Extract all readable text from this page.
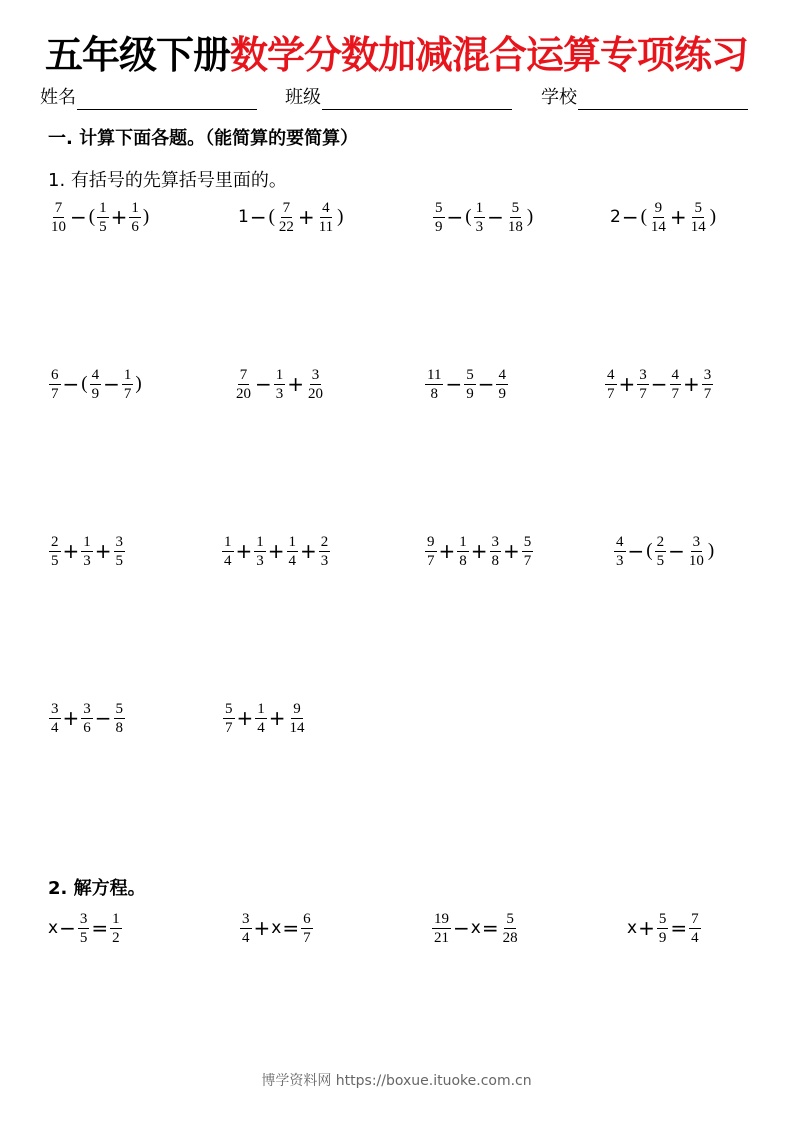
五年级下册数学分数加减混合运算专项练习
姓名	班级	学校
一. 计算下面各题。（能简算的要简算）
1. 有括号的先算括号里面的。
$\frac{7}{10}$ − ( $\frac{1}{5} + \frac{1}{6}$ )	1 − ( $\frac{7}{22} + \frac{4}{11}$ )	$\frac{5}{9}$ − ( $\frac{1}{3} - \frac{5}{18}$ )	2 − ( $\frac{9}{14} + \frac{5}{14}$ )
$\frac{6}{7}$ − ( $\frac{4}{9} - \frac{1}{7}$ )	$\frac{7}{20} - \frac{1}{3} + \frac{3}{20}$	$\frac{11}{8} - \frac{5}{9} - \frac{4}{9}$	$\frac{4}{7} + \frac{3}{7} - \frac{4}{7} + \frac{3}{7}$
$\frac{2}{5} + \frac{1}{3} + \frac{3}{5}$	$\frac{1}{4} + \frac{1}{3} + \frac{1}{4} + \frac{2}{3}$	$\frac{9}{7} + \frac{1}{8} + \frac{3}{8} + \frac{5}{7}$	$\frac{4}{3}$ − ( $\frac{2}{5} - \frac{3}{10}$ )
$\frac{3}{4} + \frac{3}{6} - \frac{5}{8}$	$\frac{5}{7} + \frac{1}{4} + \frac{9}{14}$
2. 解方程。
$x - \frac{3}{5} = \frac{1}{2}$	$\frac{3}{4} + x = \frac{6}{7}$	$\frac{19}{21} - x = \frac{5}{28}$	$x + \frac{5}{9} = \frac{7}{4}$
博学资料网 https://boxue.ituoke.com.cn
